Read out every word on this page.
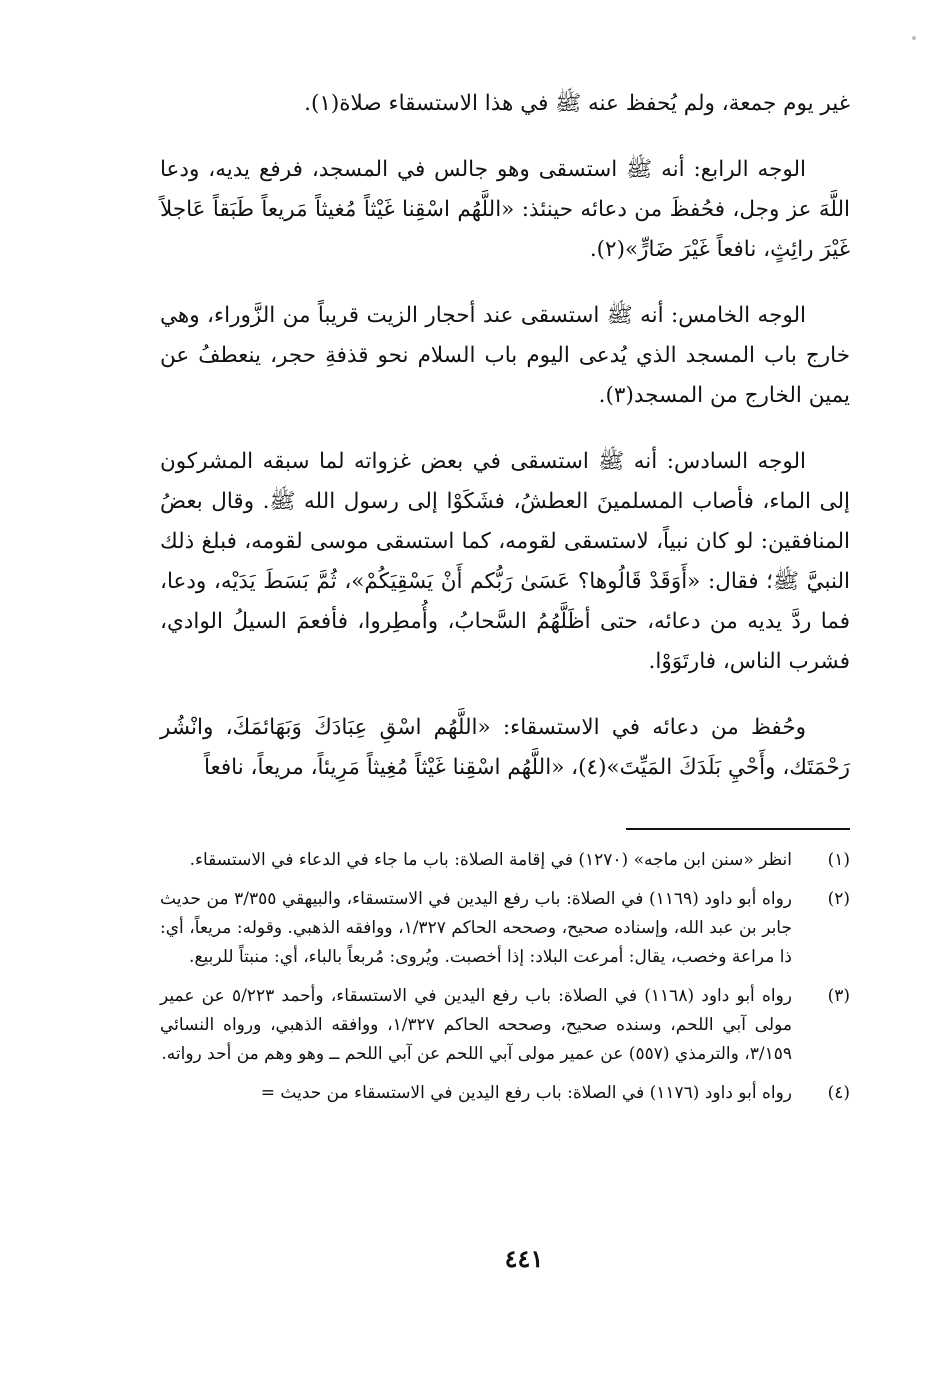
غير يوم جمعة، ولم يُحفظ عنه ﷺ في هذا الاستسقاء صلاة(١).

الوجه الرابع: أنه ﷺ استسقى وهو جالس في المسجد، فرفع يديه، ودعا اللَّهَ عز وجل، فحُفظَ من دعائه حينئذ: «اللَّهُم اسْقِنا غَيْثاً مُغيثاً مَريعاً طَبَقاً عَاجلاً غَيْرَ رائِثٍ، نافعاً غَيْرَ ضَارٍّ»(٢).

الوجه الخامس: أنه ﷺ استسقى عند أحجار الزيت قريباً من الزَّوراء، وهي خارج باب المسجد الذي يُدعى اليوم باب السلام نحو قذفةِ حجر، ينعطفُ عن يمين الخارج من المسجد(٣).

الوجه السادس: أنه ﷺ استسقى في بعض غزواته لما سبقه المشركون إلى الماء، فأصاب المسلمينَ العطشُ، فشَكَوْا إلى رسول الله ﷺ. وقال بعضُ المنافقين: لو كان نبياً، لاستسقى لقومه، كما استسقى موسى لقومه، فبلغ ذلك النبيَّ ﷺ؛ فقال: «أَوَقَدْ قَالُوها؟ عَسَىٰ رَبُّكم أَنْ يَسْقِيَكُمْ»، ثُمَّ بَسَطَ يَدَيْه، ودعا، فما ردَّ يديه من دعائه، حتى أظَلَّهُمُ السَّحابُ، وأُمطِروا، فأفعمَ السيلُ الوادي، فشرب الناس، فارتَوَوْا.

وحُفظ من دعائه في الاستسقاء: «اللَّهُم اسْقِ عِبَادَكَ وَبَهَائمَكَ، وانْشُر رَحْمَتَك، وأَحْيِ بَلَدَكَ المَيِّتَ»(٤)، «اللَّهُم اسْقِنا غَيْثاً مُغِيثاً مَرِيئاً، مريعاً، نافعاً

(١)
انظر «سنن ابن ماجه» (١٢٧٠) في إقامة الصلاة: باب ما جاء في الدعاء في الاستسقاء.
(٢)
رواه أبو داود (١١٦٩) في الصلاة: باب رفع اليدين في الاستسقاء، والبيهقي ٣/٣٥٥ من حديث جابر بن عبد الله، وإسناده صحيح، وصححه الحاكم ١/٣٢٧، ووافقه الذهبي. وقوله: مريعاً، أي: ذا مراعة وخصب، يقال: أمرعت البلاد: إذا أخصبت. ويُروى: مُربعاً بالباء، أي: منبتاً للربيع.
(٣)
رواه أبو داود (١١٦٨) في الصلاة: باب رفع اليدين في الاستسقاء، وأحمد ٥/٢٢٣ عن عمير مولى آبي اللحم، وسنده صحيح، وصححه الحاكم ١/٣٢٧، ووافقه الذهبي، ورواه النسائي ٣/١٥٩، والترمذي (٥٥٧) عن عمير مولى آبي اللحم عن آبي اللحم ــ وهو وهم من أحد رواته.
(٤)
رواه أبو داود (١١٧٦) في الصلاة: باب رفع اليدين في الاستسقاء من حديث =
٤٤١
